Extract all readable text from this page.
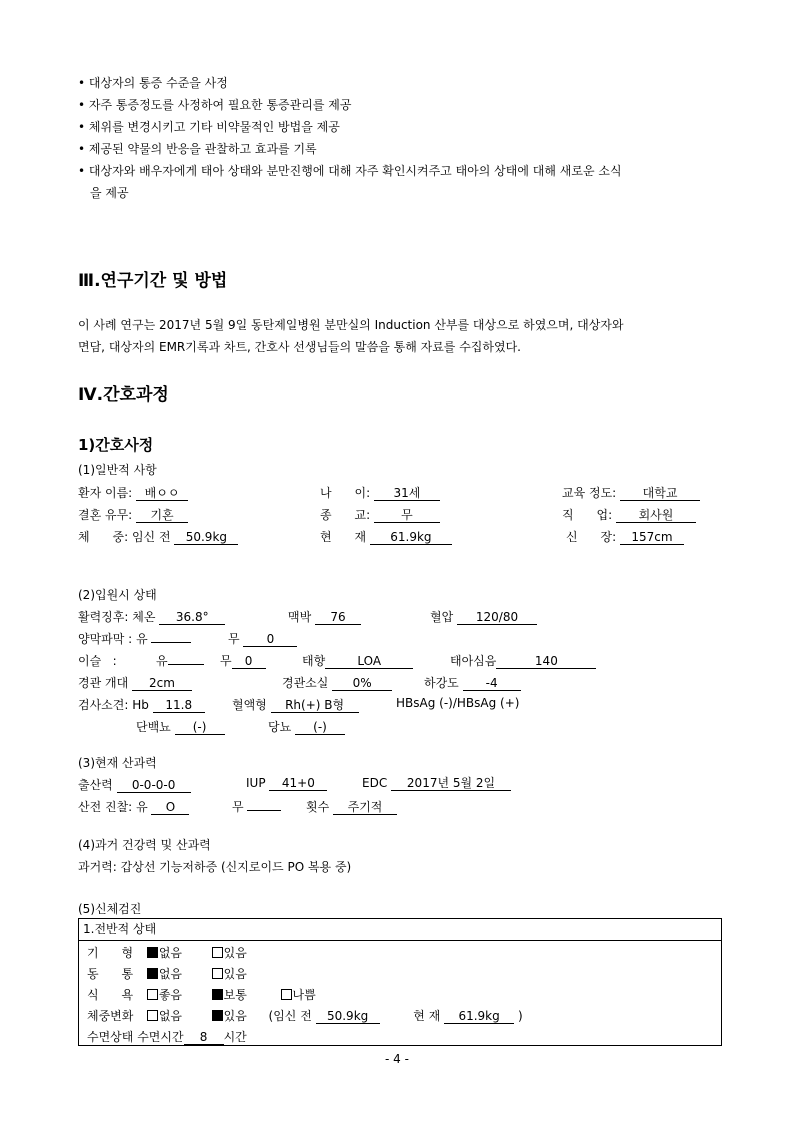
• 대상자의 통증 수준을 사정
• 자주 통증정도를 사정하여 필요한 통증관리를 제공
• 체위를 변경시키고 기타 비약물적인 방법을 제공
• 제공된 약물의 반응을 관찰하고 효과를 기록
• 대상자와 배우자에게 태아 상태와 분만진행에 대해 자주 확인시켜주고 태아의 상태에 대해 새로운 소식
을 제공
Ⅲ.연구기간 및 방법
이 사례 연구는 2017년 5월 9일 동탄제일병원 분만실의 Induction 산부를 대상으로 하였으며, 대상자와
면담, 대상자의 EMR기록과 차트, 간호사 선생님들의 말씀을 통해 자료를 수집하였다.
Ⅳ.간호과정
1)간호사정
(1)일반적 사항
환자 이름: 배ㅇㅇ	나      이: 31세	교육 정도: 대학교
결혼 유무: 기혼	종      교:	무	직      업: 회사원
체      중: 임신 전 50.9kg	현      재 61.9kg	신      장: 157cm
(2)입원시 상태
활력징후: 체온 36.8°	맥박 76	혈압 120/80
양막파막 : 유	무 0
이슬   :	유	무 0	태향	LOA	태아심음	140
경관 개대 2cm	경관소실 0%	하강도 -4
검사소견: Hb 11.8	혈액형 Rh(+) B형	HBsAg (-)/HBsAg (+)
단백뇨 (-)	당뇨 (-)
(3)현재 산과력
출산력 0-0-0-0	IUP 41+0	EDC 2017년 5월 2일
산전 진찰: 유 O	무	횟수 주기적
(4)과거 건강력 및 산과력
과거력: 갑상선 기능저하증 (신지로이드 PO 복용 중)
(5)신체검진
1.전반적 상태
기      형 없음	있음
동      통 없음	있음
식      욕 좋음	보통	나쁨
체중변화 없음	있음 (임신 전 50.9kg	현 재 61.9kg )
수면상태 수면시간 8 시간
- 4 -
